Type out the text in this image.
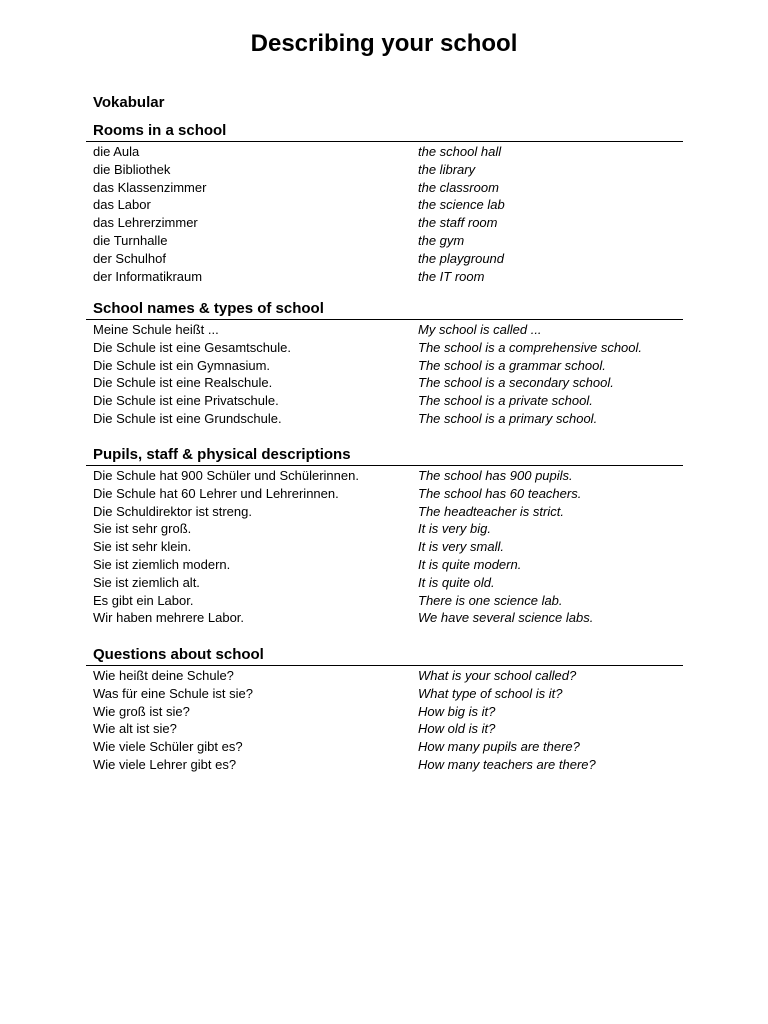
Describing your school
Vokabular
Rooms in a school
die Aula	the school hall
die Bibliothek	the library
das Klassenzimmer	the classroom
das Labor	the science lab
das Lehrerzimmer	the staff room
die Turnhalle	the gym
der Schulhof	the playground
der Informatikraum	the IT room
School names & types of school
Meine Schule heißt ...	My school is called ...
Die Schule ist eine Gesamtschule.	The school is a comprehensive school.
Die Schule ist ein Gymnasium.	The school is a grammar school.
Die Schule ist eine Realschule.	The school is a secondary school.
Die Schule ist eine Privatschule.	The school is a private school.
Die Schule ist eine Grundschule.	The school is a primary school.
Pupils, staff & physical descriptions
Die Schule hat 900 Schüler und Schülerinnen.	The school has 900 pupils.
Die Schule hat 60 Lehrer und Lehrerinnen.	The school has 60 teachers.
Die Schuldirektor ist streng.	The headteacher is strict.
Sie ist sehr groß.	It is very big.
Sie ist sehr klein.	It is very small.
Sie ist ziemlich modern.	It is quite modern.
Sie ist ziemlich alt.	It is quite old.
Es gibt ein Labor.	There is one science lab.
Wir haben mehrere Labor.	We have several science labs.
Questions about school
Wie heißt deine Schule?	What is your school called?
Was für eine Schule ist sie?	What type of school is it?
Wie groß ist sie?	How big is it?
Wie alt ist sie?	How old is it?
Wie viele Schüler gibt es?	How many pupils are there?
Wie viele Lehrer gibt es?	How many teachers are there?
